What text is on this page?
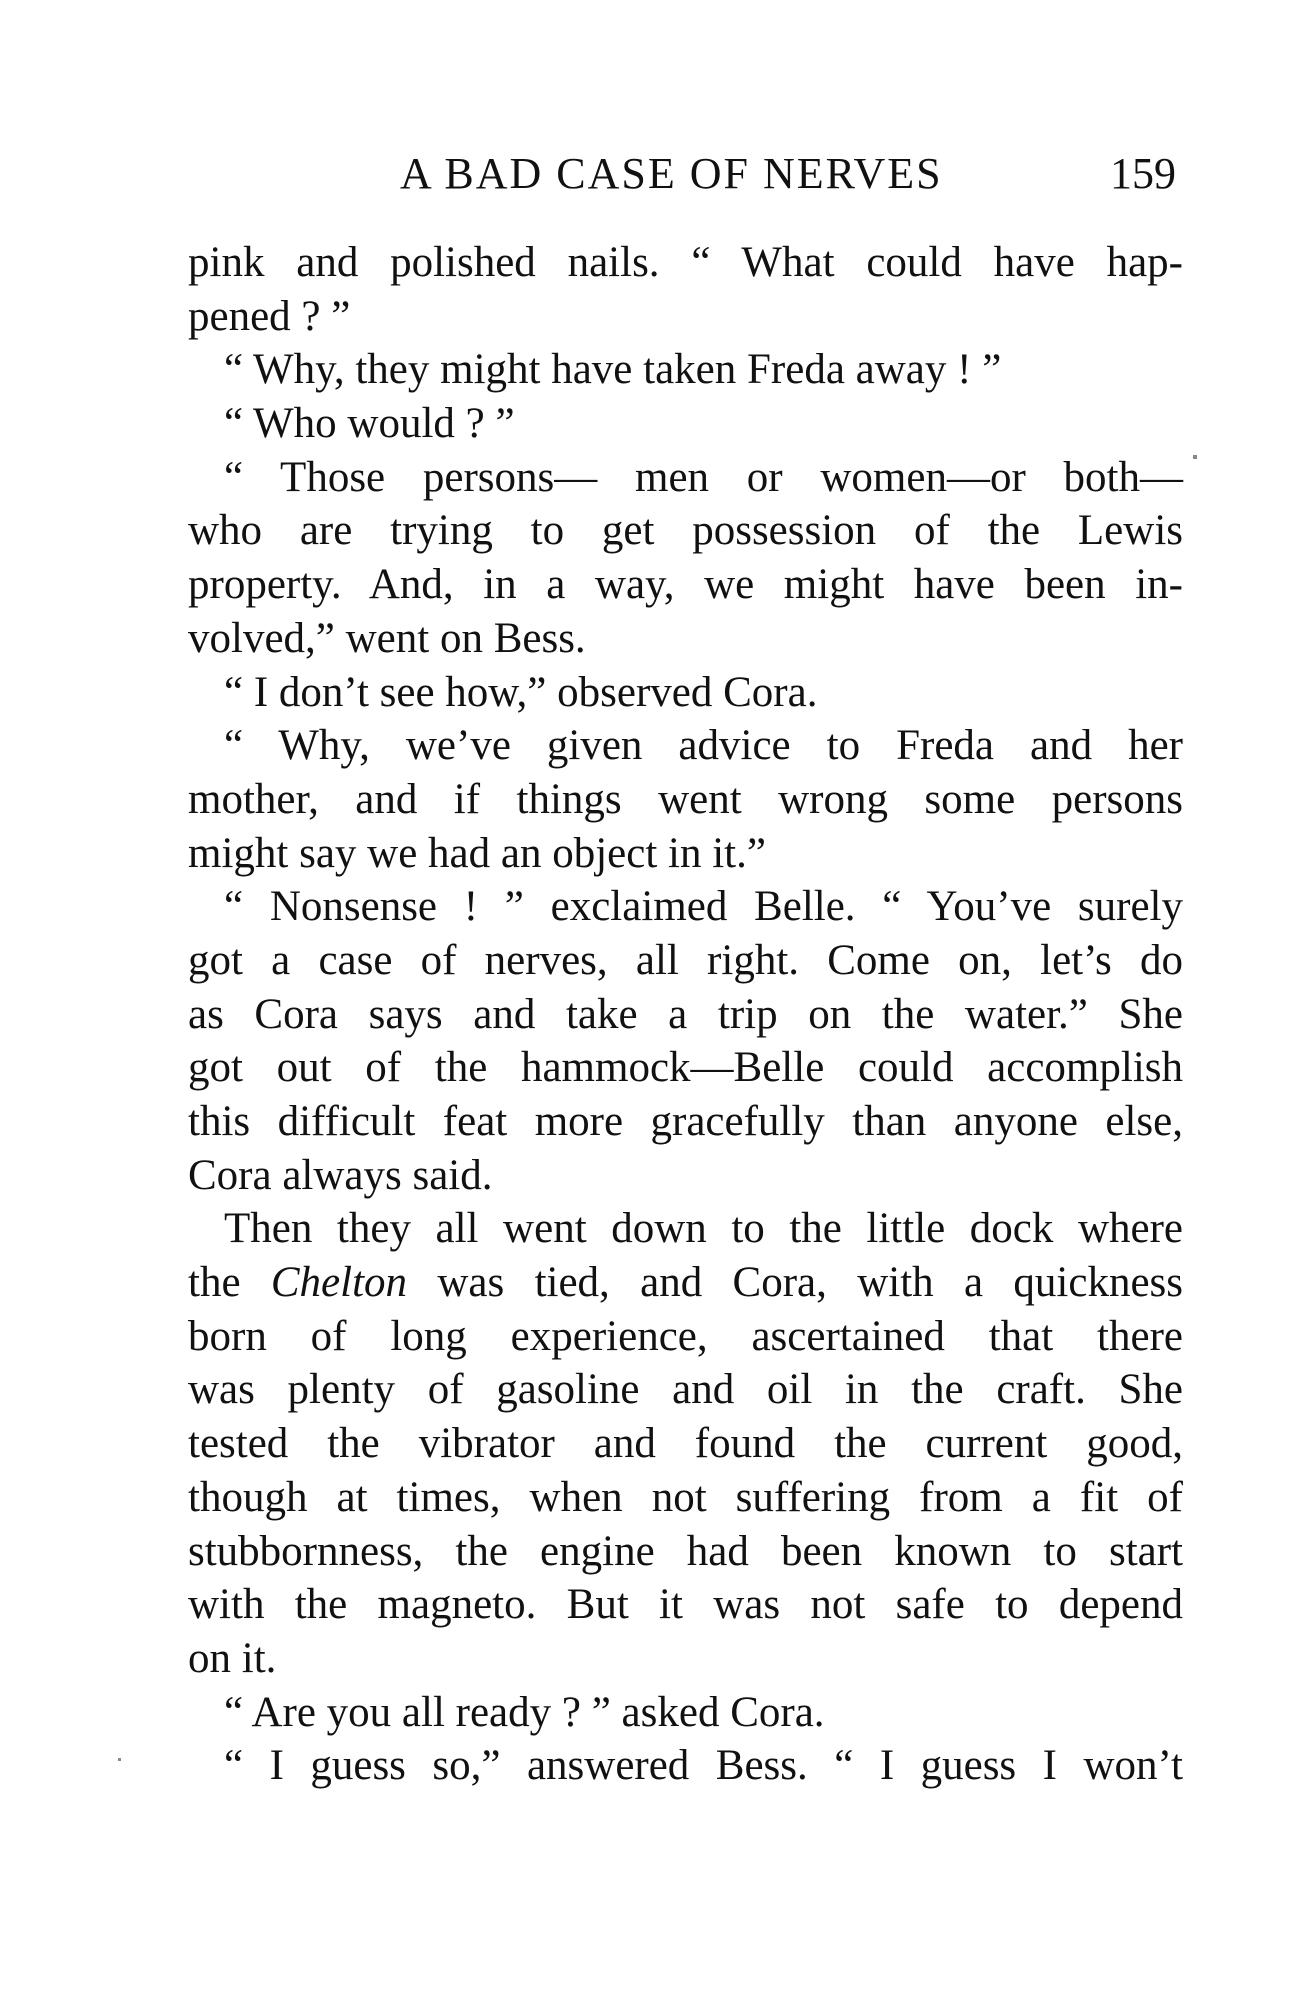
A BAD CASE OF NERVES	159
pink and polished nails. “ What could have hap-
pened ? ”
“ Why, they might have taken Freda away ! ”
“ Who would ? ”
“ Those persons— men or women—or both—
who are trying to get possession of the Lewis
property. And, in a way, we might have been in-
volved,” went on Bess.
“ I don’t see how,” observed Cora.
“ Why, we’ve given advice to Freda and her
mother, and if things went wrong some persons
might say we had an object in it.”
“ Nonsense ! ” exclaimed Belle. “ You’ve surely
got a case of nerves, all right. Come on, let’s do
as Cora says and take a trip on the water.” She
got out of the hammock—Belle could accomplish
this difficult feat more gracefully than anyone else,
Cora always said.
Then they all went down to the little dock where
the Chelton was tied, and Cora, with a quickness
born of long experience, ascertained that there
was plenty of gasoline and oil in the craft. She
tested the vibrator and found the current good,
though at times, when not suffering from a fit of
stubbornness, the engine had been known to start
with the magneto. But it was not safe to depend
on it.
“ Are you all ready ? ” asked Cora.
“ I guess so,” answered Bess. “ I guess I won’t
